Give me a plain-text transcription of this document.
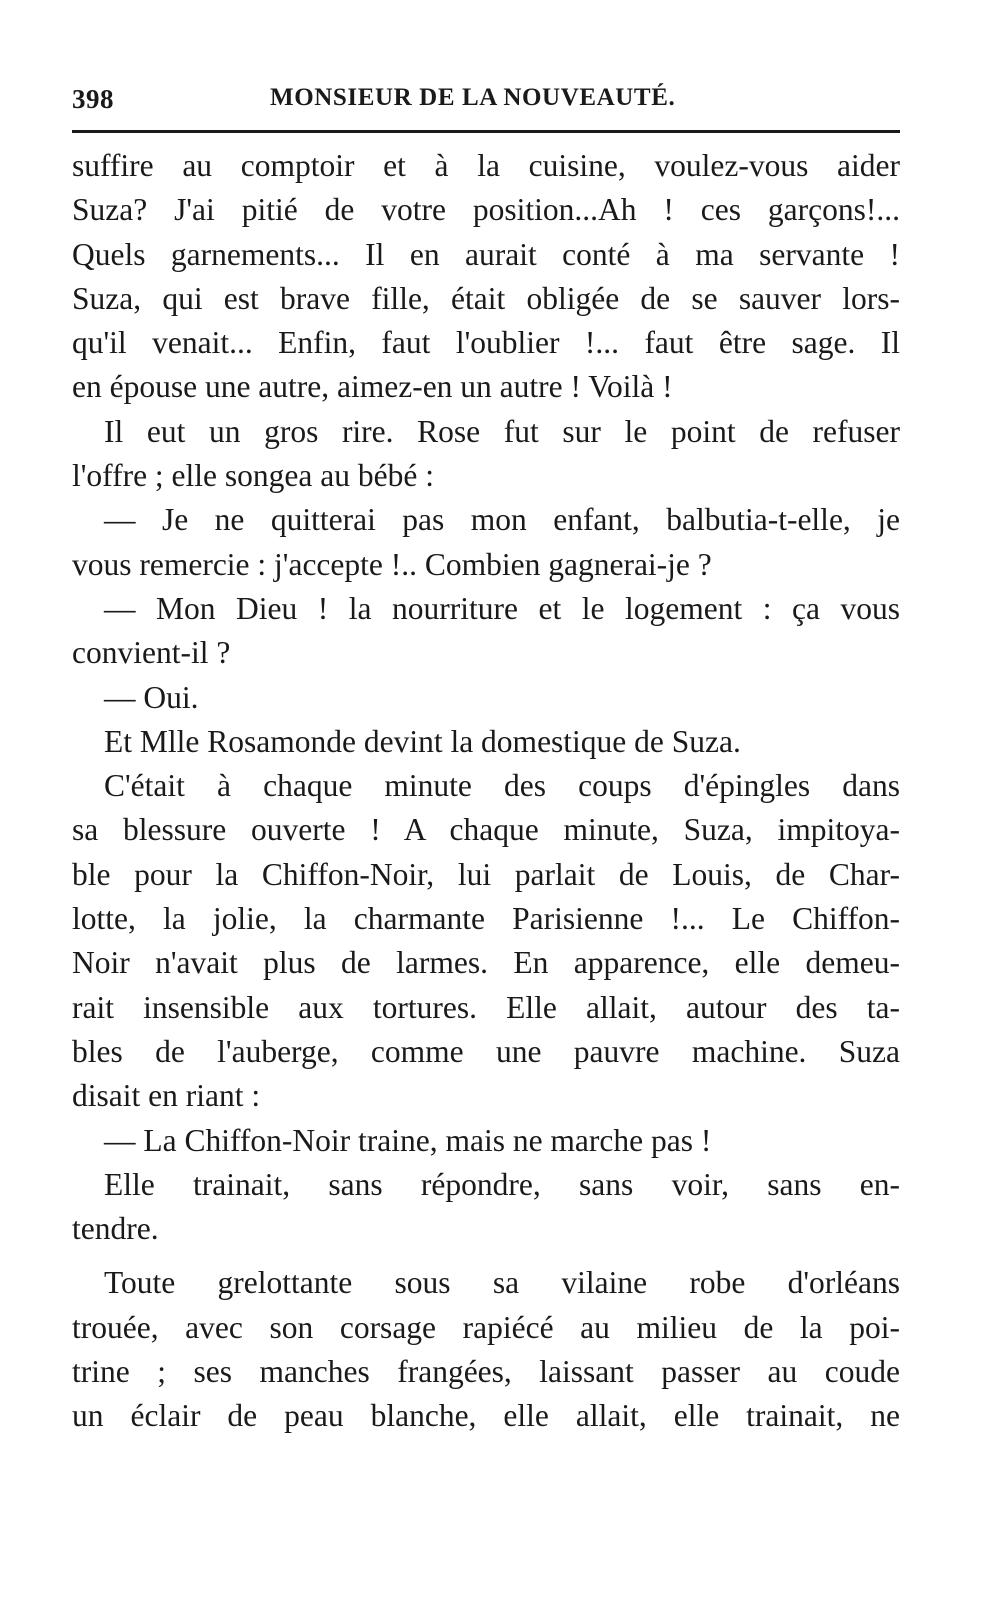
398	MONSIEUR DE LA NOUVEAUTÉ.
suffire au comptoir et à la cuisine, voulez-vous aider
Suza? J'ai pitié de votre position...Ah ! ces garçons!...
Quels garnements... Il en aurait conté à ma servante !
Suza, qui est brave fille, était obligée de se sauver lors-
qu'il venait... Enfin, faut l'oublier !... faut être sage. Il
en épouse une autre, aimez-en un autre ! Voilà !
Il eut un gros rire. Rose fut sur le point de refuser
l'offre ; elle songea au bébé :
— Je ne quitterai pas mon enfant, balbutia-t-elle, je
vous remercie : j'accepte !.. Combien gagnerai-je ?
— Mon Dieu ! la nourriture et le logement : ça vous
convient-il ?
— Oui.
Et Mlle Rosamonde devint la domestique de Suza.
C'était à chaque minute des coups d'épingles dans
sa blessure ouverte ! A chaque minute, Suza, impitoya-
ble pour la Chiffon-Noir, lui parlait de Louis, de Char-
lotte, la jolie, la charmante Parisienne !... Le Chiffon-
Noir n'avait plus de larmes. En apparence, elle demeu-
rait insensible aux tortures. Elle allait, autour des ta-
bles de l'auberge, comme une pauvre machine. Suza
disait en riant :
— La Chiffon-Noir traine, mais ne marche pas !
Elle trainait, sans répondre, sans voir, sans en-
tendre.
Toute grelottante sous sa vilaine robe d'orléans
trouée, avec son corsage rapiécé au milieu de la poi-
trine ; ses manches frangées, laissant passer au coude
un éclair de peau blanche, elle allait, elle trainait, ne
